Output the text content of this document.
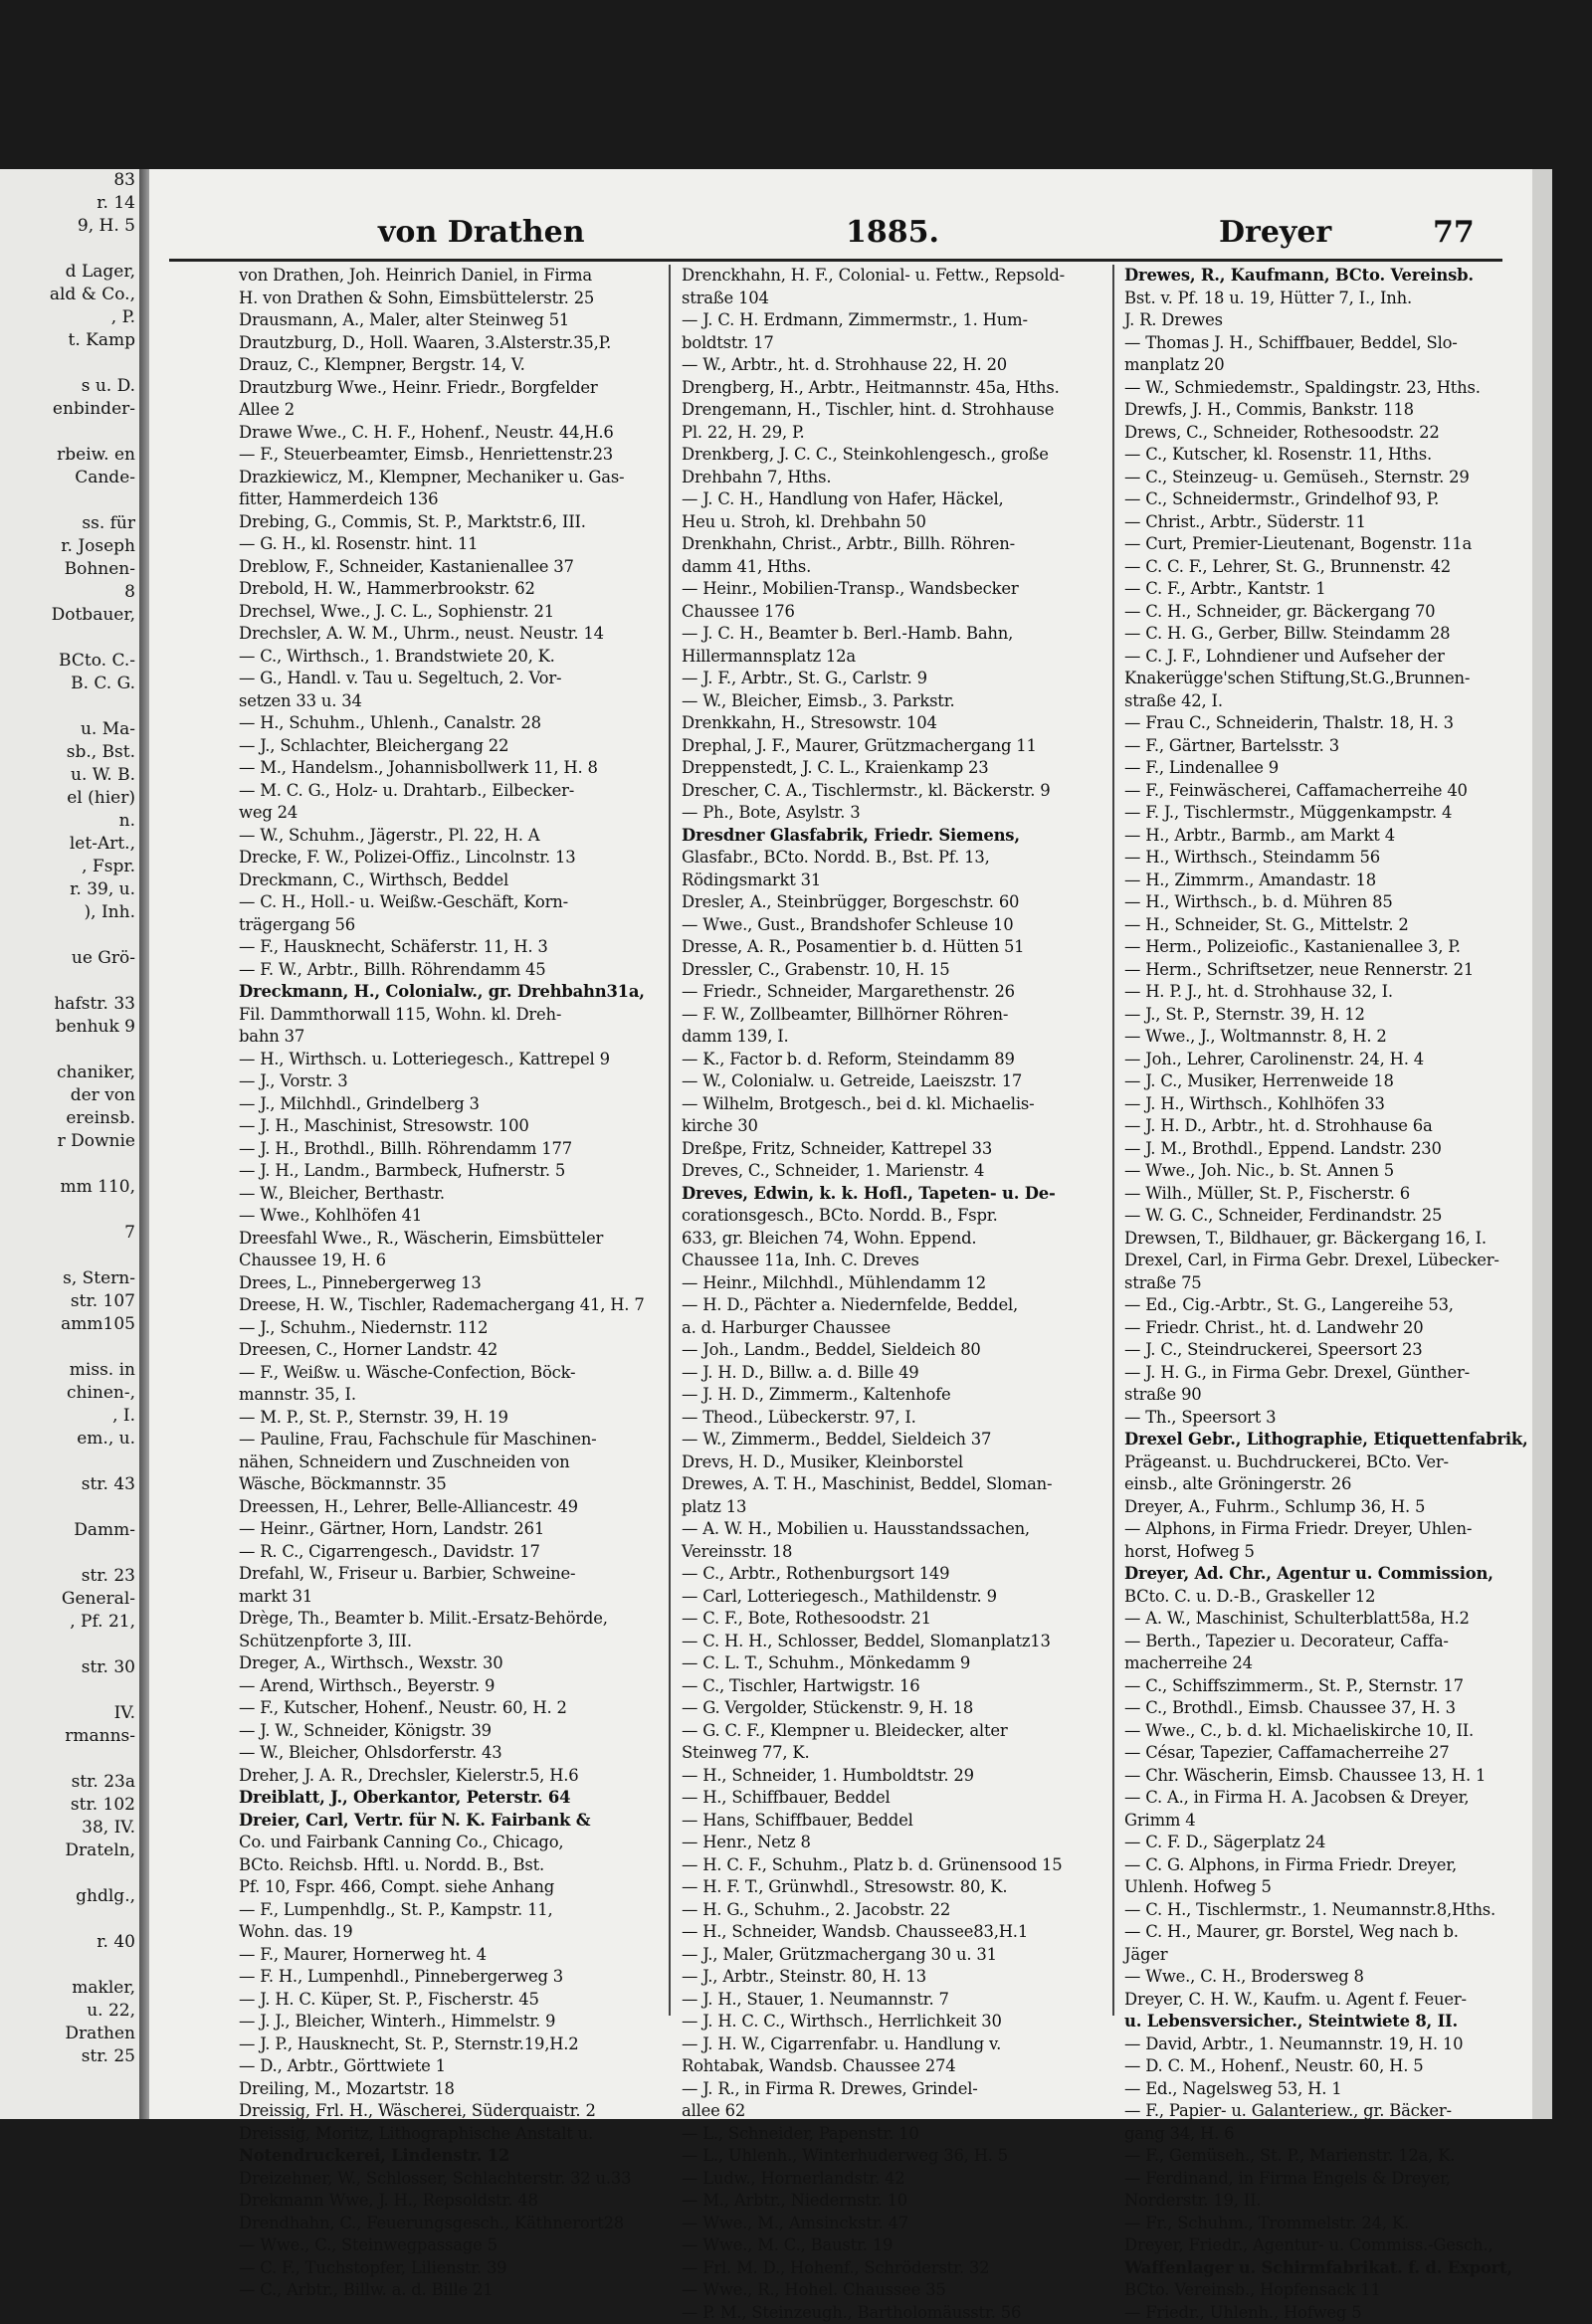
83
r. 14
9, H. 5

d Lager,
ald & Co.,
, P.
t. Kamp

s u. D.
enbinder-

rbeiw. en
Cande-

ss. für
r. Joseph
Bohnen-
8
Dotbauer,

BCto. C.-
B. C. G.

u. Ma-
sb., Bst.
u. W. B.
el (hier)
n.
let-Art.,
, Fspr.
r. 39, u.
), Inh.

ue Grö-

hafstr. 33
benhuk 9

chaniker,
der von
ereinsb.
r Downie

mm 110,

7

s, Stern-
str. 107
amm105

miss. in
chinen-,
, I.
em., u.

str. 43

Damm-

str. 23
General-
, Pf. 21,

str. 30

IV.
rmanns-

str. 23a
str. 102
38, IV.
Drateln,

ghdlg.,

r. 40

makler,
u. 22,
Drathen
str. 25
von Drathen	1885.	Dreyer	77
von Drathen, Joh. Heinrich Daniel, in Firma
H. von Drathen & Sohn, Eimsbüttelerstr. 25
Drausmann, A., Maler, alter Steinweg 51
Drautzburg, D., Holl. Waaren, 3.Alsterstr.35,P.
Drauz, C., Klempner, Bergstr. 14, V.
Drautzburg Wwe., Heinr. Friedr., Borgfelder
Allee 2
Drawe Wwe., C. H. F., Hohenf., Neustr. 44,H.6
— F., Steuerbeamter, Eimsb., Henriettenstr.23
Drazkiewicz, M., Klempner, Mechaniker u. Gas-
fitter, Hammerdeich 136
Drebing, G., Commis, St. P., Marktstr.6, III.
— G. H., kl. Rosenstr. hint. 11
Dreblow, F., Schneider, Kastanienallee 37
Drebold, H. W., Hammerbrookstr. 62
Drechsel, Wwe., J. C. L., Sophienstr. 21
Drechsler, A. W. M., Uhrm., neust. Neustr. 14
— C., Wirthsch., 1. Brandstwiete 20, K.
— G., Handl. v. Tau u. Segeltuch, 2. Vor-
setzen 33 u. 34
— H., Schuhm., Uhlenh., Canalstr. 28
— J., Schlachter, Bleichergang 22
— M., Handelsm., Johannisbollwerk 11, H. 8
— M. C. G., Holz- u. Drahtarb., Eilbecker-
weg 24
— W., Schuhm., Jägerstr., Pl. 22, H. A
Drecke, F. W., Polizei-Offiz., Lincolnstr. 13
Dreckmann, C., Wirthsch, Beddel
— C. H., Holl.- u. Weißw.-Geschäft, Korn-
trägergang 56
— F., Hausknecht, Schäferstr. 11, H. 3
— F. W., Arbtr., Billh. Röhrendamm 45
Dreckmann, H., Colonialw., gr. Drehbahn31a,
Fil. Dammthorwall 115, Wohn. kl. Dreh-
bahn 37
— H., Wirthsch. u. Lotteriegesch., Kattrepel 9
— J., Vorstr. 3
— J., Milchhdl., Grindelberg 3
— J. H., Maschinist, Stresowstr. 100
— J. H., Brothdl., Billh. Röhrendamm 177
— J. H., Landm., Barmbeck, Hufnerstr. 5
— W., Bleicher, Berthastr.
— Wwe., Kohlhöfen 41
Dreesfahl Wwe., R., Wäscherin, Eimsbütteler
Chaussee 19, H. 6
Drees, L., Pinnebergerweg 13
Dreese, H. W., Tischler, Rademachergang 41, H. 7
— J., Schuhm., Niedernstr. 112
Dreesen, C., Horner Landstr. 42
— F., Weißw. u. Wäsche-Confection, Böck-
mannstr. 35, I.
— M. P., St. P., Sternstr. 39, H. 19
— Pauline, Frau, Fachschule für Maschinen-
nähen, Schneidern und Zuschneiden von
Wäsche, Böckmannstr. 35
Dreessen, H., Lehrer, Belle-Alliancestr. 49
— Heinr., Gärtner, Horn, Landstr. 261
— R. C., Cigarrengesch., Davidstr. 17
Drefahl, W., Friseur u. Barbier, Schweine-
markt 31
Drège, Th., Beamter b. Milit.-Ersatz-Behörde,
Schützenpforte 3, III.
Dreger, A., Wirthsch., Wexstr. 30
— Arend, Wirthsch., Beyerstr. 9
— F., Kutscher, Hohenf., Neustr. 60, H. 2
— J. W., Schneider, Königstr. 39
— W., Bleicher, Ohlsdorferstr. 43
Dreher, J. A. R., Drechsler, Kielerstr.5, H.6
Dreiblatt, J., Oberkantor, Peterstr. 64
Dreier, Carl, Vertr. für N. K. Fairbank &
Co. und Fairbank Canning Co., Chicago,
BCto. Reichsb. Hftl. u. Nordd. B., Bst.
Pf. 10, Fspr. 466, Compt. siehe Anhang
— F., Lumpenhdlg., St. P., Kampstr. 11,
Wohn. das. 19
— F., Maurer, Hornerweg ht. 4
— F. H., Lumpenhdl., Pinnebergerweg 3
— J. H. C. Küper, St. P., Fischerstr. 45
— J. J., Bleicher, Winterh., Himmelstr. 9
— J. P., Hausknecht, St. P., Sternstr.19,H.2
— D., Arbtr., Görttwiete 1
Dreiling, M., Mozartstr. 18
Dreissig, Frl. H., Wäscherei, Süderquaistr. 2
Dreissig, Moritz, Lithographische Anstalt u.
Notendruckerei, Lindenstr. 12
Dreizehner, W., Schlosser, Schlachterstr. 32 u.33
Drekmann Wwe, J. H., Repsoldstr. 48
Drendhahn, C., Feuerungsgesch., Käthnerort28
— Wwe., C., Steinwegpassage 5
— C. F., Tuchstopfer, Lilienstr. 39
— C., Arbtr., Billw. a. d. Bille 21
Drenckhahn, H. F., Colonial- u. Fettw., Repsold-
straße 104
— J. C. H. Erdmann, Zimmermstr., 1. Hum-
boldtstr. 17
— W., Arbtr., ht. d. Strohhause 22, H. 20
Drengberg, H., Arbtr., Heitmannstr. 45a, Hths.
Drengemann, H., Tischler, hint. d. Strohhause
Pl. 22, H. 29, P.
Drenkberg, J. C. C., Steinkohlengesch., große
Drehbahn 7, Hths.
— J. C. H., Handlung von Hafer, Häckel,
Heu u. Stroh, kl. Drehbahn 50
Drenkhahn, Christ., Arbtr., Billh. Röhren-
damm 41, Hths.
— Heinr., Mobilien-Transp., Wandsbecker
Chaussee 176
— J. C. H., Beamter b. Berl.-Hamb. Bahn,
Hillermannsplatz 12a
— J. F., Arbtr., St. G., Carlstr. 9
— W., Bleicher, Eimsb., 3. Parkstr.
Drenkkahn, H., Stresowstr. 104
Drephal, J. F., Maurer, Grützmachergang 11
Dreppenstedt, J. C. L., Kraienkamp 23
Drescher, C. A., Tischlermstr., kl. Bäckerstr. 9
— Ph., Bote, Asylstr. 3
Dresdner Glasfabrik, Friedr. Siemens,
Glasfabr., BCto. Nordd. B., Bst. Pf. 13,
Rödingsmarkt 31
Dresler, A., Steinbrügger, Borgeschstr. 60
— Wwe., Gust., Brandshofer Schleuse 10
Dresse, A. R., Posamentier b. d. Hütten 51
Dressler, C., Grabenstr. 10, H. 15
— Friedr., Schneider, Margarethenstr. 26
— F. W., Zollbeamter, Billhörner Röhren-
damm 139, I.
— K., Factor b. d. Reform, Steindamm 89
— W., Colonialw. u. Getreide, Laeiszstr. 17
— Wilhelm, Brotgesch., bei d. kl. Michaelis-
kirche 30
Dreßpe, Fritz, Schneider, Kattrepel 33
Dreves, C., Schneider, 1. Marienstr. 4
Dreves, Edwin, k. k. Hofl., Tapeten- u. De-
corationsgesch., BCto. Nordd. B., Fspr.
633, gr. Bleichen 74, Wohn. Eppend.
Chaussee 11a, Inh. C. Dreves
— Heinr., Milchhdl., Mühlendamm 12
— H. D., Pächter a. Niedernfelde, Beddel,
a. d. Harburger Chaussee
— Joh., Landm., Beddel, Sieldeich 80
— J. H. D., Billw. a. d. Bille 49
— J. H. D., Zimmerm., Kaltenhofe
— Theod., Lübeckerstr. 97, I.
— W., Zimmerm., Beddel, Sieldeich 37
Drevs, H. D., Musiker, Kleinborstel
Drewes, A. T. H., Maschinist, Beddel, Sloman-
platz 13
— A. W. H., Mobilien u. Hausstandssachen,
Vereinsstr. 18
— C., Arbtr., Rothenburgsort 149
— Carl, Lotteriegesch., Mathildenstr. 9
— C. F., Bote, Rothesoodstr. 21
— C. H. H., Schlosser, Beddel, Slomanplatz13
— C. L. T., Schuhm., Mönkedamm 9
— C., Tischler, Hartwigstr. 16
— G. Vergolder, Stückenstr. 9, H. 18
— G. C. F., Klempner u. Bleidecker, alter
Steinweg 77, K.
— H., Schneider, 1. Humboldtstr. 29
— H., Schiffbauer, Beddel
— Hans, Schiffbauer, Beddel
— Henr., Netz 8
— H. C. F., Schuhm., Platz b. d. Grünensood 15
— H. F. T., Grünwhdl., Stresowstr. 80, K.
— H. G., Schuhm., 2. Jacobstr. 22
— H., Schneider, Wandsb. Chaussee83,H.1
— J., Maler, Grützmachergang 30 u. 31
— J., Arbtr., Steinstr. 80, H. 13
— J. H., Stauer, 1. Neumannstr. 7
— J. H. C. C., Wirthsch., Herrlichkeit 30
— J. H. W., Cigarrenfabr. u. Handlung v.
Rohtabak, Wandsb. Chaussee 274
— J. R., in Firma R. Drewes, Grindel-
allee 62
— L., Schneider, Papenstr. 10
— L., Uhlenh., Winterhuderweg 36, H. 5
— Ludw., Hornerlandstr. 42
— M., Arbtr., Niedernstr. 10
— Wwe., M., Amsinckstr. 47
— Wwe., M. C., Baustr. 19
— Frl. M. D., Hohenf., Schröderstr. 32
— Wwe., R., Hohel. Chaussee 35
— P. M., Steinzeugh., Bartholomäusstr. 56
Drewes, R., Kaufmann, BCto. Vereinsb.
Bst. v. Pf. 18 u. 19, Hütter 7, I., Inh.
J. R. Drewes
— Thomas J. H., Schiffbauer, Beddel, Slo-
manplatz 20
— W., Schmiedemstr., Spaldingstr. 23, Hths.
Drewfs, J. H., Commis, Bankstr. 118
Drews, C., Schneider, Rothesoodstr. 22
— C., Kutscher, kl. Rosenstr. 11, Hths.
— C., Steinzeug- u. Gemüseh., Sternstr. 29
— C., Schneidermstr., Grindelhof 93, P.
— Christ., Arbtr., Süderstr. 11
— Curt, Premier-Lieutenant, Bogenstr. 11a
— C. C. F., Lehrer, St. G., Brunnenstr. 42
— C. F., Arbtr., Kantstr. 1
— C. H., Schneider, gr. Bäckergang 70
— C. H. G., Gerber, Billw. Steindamm 28
— C. J. F., Lohndiener und Aufseher der
Knakerügge'schen Stiftung,St.G.,Brunnen-
straße 42, I.
— Frau C., Schneiderin, Thalstr. 18, H. 3
— F., Gärtner, Bartelsstr. 3
— F., Lindenallee 9
— F., Feinwäscherei, Caffamacherreihe 40
— F. J., Tischlermstr., Müggenkampstr. 4
— H., Arbtr., Barmb., am Markt 4
— H., Wirthsch., Steindamm 56
— H., Zimmrm., Amandastr. 18
— H., Wirthsch., b. d. Mühren 85
— H., Schneider, St. G., Mittelstr. 2
— Herm., Polizeiofic., Kastanienallee 3, P.
— Herm., Schriftsetzer, neue Rennerstr. 21
— H. P. J., ht. d. Strohhause 32, I.
— J., St. P., Sternstr. 39, H. 12
— Wwe., J., Woltmannstr. 8, H. 2
— Joh., Lehrer, Carolinenstr. 24, H. 4
— J. C., Musiker, Herrenweide 18
— J. H., Wirthsch., Kohlhöfen 33
— J. H. D., Arbtr., ht. d. Strohhause 6a
— J. M., Brothdl., Eppend. Landstr. 230
— Wwe., Joh. Nic., b. St. Annen 5
— Wilh., Müller, St. P., Fischerstr. 6
— W. G. C., Schneider, Ferdinandstr. 25
Drewsen, T., Bildhauer, gr. Bäckergang 16, I.
Drexel, Carl, in Firma Gebr. Drexel, Lübecker-
straße 75
— Ed., Cig.-Arbtr., St. G., Langereihe 53,
— Friedr. Christ., ht. d. Landwehr 20
— J. C., Steindruckerei, Speersort 23
— J. H. G., in Firma Gebr. Drexel, Günther-
straße 90
— Th., Speersort 3
Drexel Gebr., Lithographie, Etiquettenfabrik,
Prägeanst. u. Buchdruckerei, BCto. Ver-
einsb., alte Gröningerstr. 26
Dreyer, A., Fuhrm., Schlump 36, H. 5
— Alphons, in Firma Friedr. Dreyer, Uhlen-
horst, Hofweg 5
Dreyer, Ad. Chr., Agentur u. Commission,
BCto. C. u. D.-B., Graskeller 12
— A. W., Maschinist, Schulterblatt58a, H.2
— Berth., Tapezier u. Decorateur, Caffa-
macherreihe 24
— C., Schiffszimmerm., St. P., Sternstr. 17
— C., Brothdl., Eimsb. Chaussee 37, H. 3
— Wwe., C., b. d. kl. Michaeliskirche 10, II.
— César, Tapezier, Caffamacherreihe 27
— Chr. Wäscherin, Eimsb. Chaussee 13, H. 1
— C. A., in Firma H. A. Jacobsen & Dreyer,
Grimm 4
— C. F. D., Sägerplatz 24
— C. G. Alphons, in Firma Friedr. Dreyer,
Uhlenh. Hofweg 5
— C. H., Tischlermstr., 1. Neumannstr.8,Hths.
— C. H., Maurer, gr. Borstel, Weg nach b.
Jäger
— Wwe., C. H., Brodersweg 8
Dreyer, C. H. W., Kaufm. u. Agent f. Feuer-
u. Lebensversicher., Steintwiete 8, II.
— David, Arbtr., 1. Neumannstr. 19, H. 10
— D. C. M., Hohenf., Neustr. 60, H. 5
— Ed., Nagelsweg 53, H. 1
— F., Papier- u. Galanteriew., gr. Bäcker-
gang 34, H. 6
— F., Gemüseh., St. P., Marienstr. 12a, K.
— Ferdinand, in Firma Engels & Dreyer,
Norderstr. 19, II.
— Fr., Schuhm., Trommelstr. 24, K.
Dreyer, Friedr., Agentur- u. Commiss.-Gesch.,
Waffenlager u. Schirmfabrikat. f. d. Export,
BCto. Vereinsb., Hopfensack 11
— Friedr., Uhlenh., Hofweg 5
